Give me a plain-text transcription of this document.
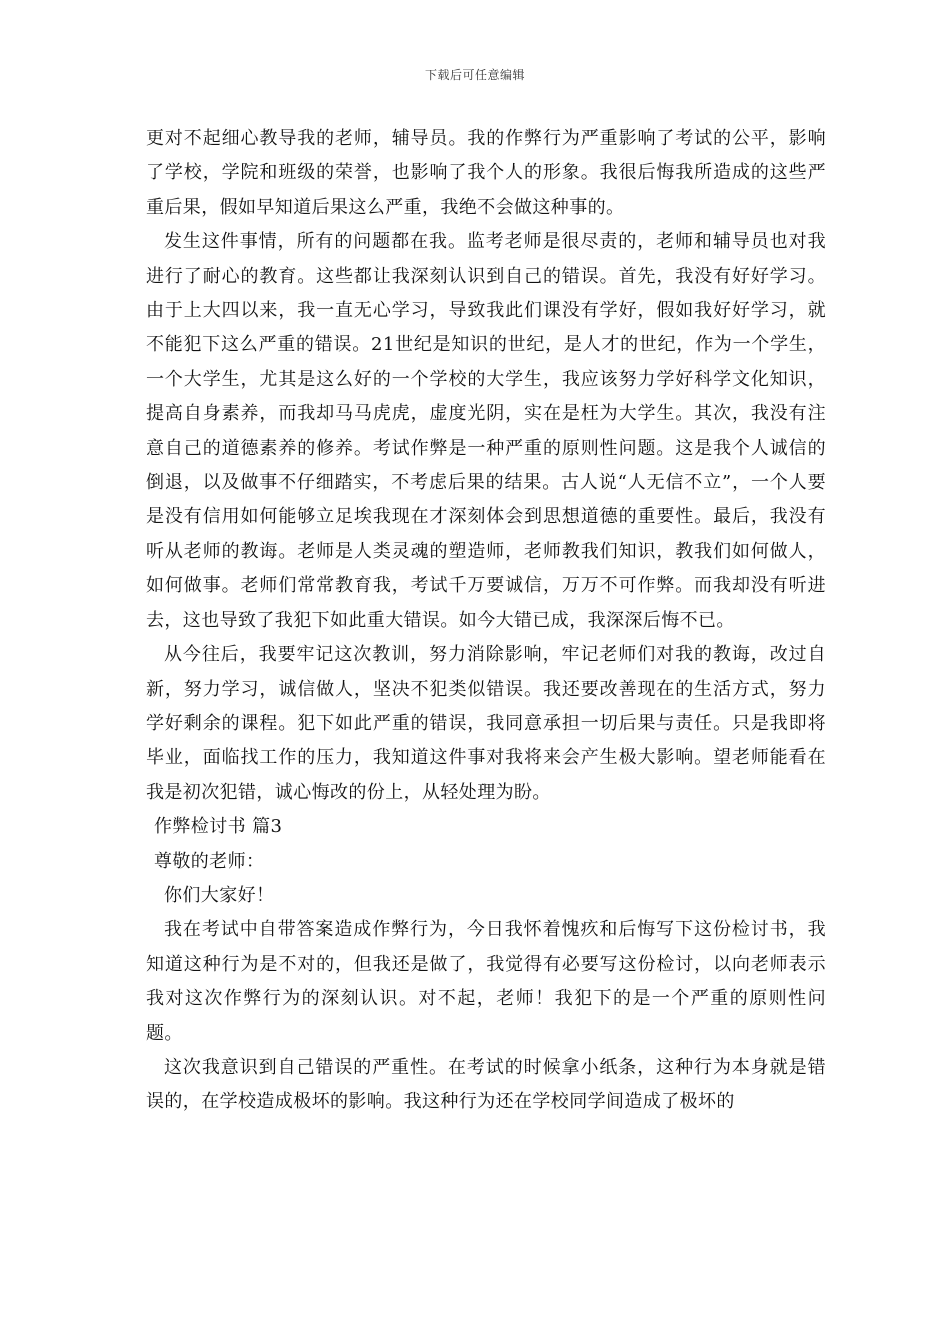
下载后可任意编辑

更对不起细心教导我的老师，辅导员。我的作弊行为严重影响了考试的公平，影响了学校，学院和班级的荣誉，也影响了我个人的形象。我很后悔我所造成的这些严重后果，假如早知道后果这么严重，我绝不会做这种事的。

发生这件事情，所有的问题都在我。监考老师是很尽责的，老师和辅导员也对我进行了耐心的教育。这些都让我深刻认识到自己的错误。首先，我没有好好学习。由于上大四以来，我一直无心学习，导致我此们课没有学好，假如我好好学习，就不能犯下这么严重的错误。21世纪是知识的世纪，是人才的世纪，作为一个学生，一个大学生，尤其是这么好的一个学校的大学生，我应该努力学好科学文化知识，提高自身素养，而我却马马虎虎，虚度光阴，实在是枉为大学生。其次，我没有注意自己的道德素养的修养。考试作弊是一种严重的原则性问题。这是我个人诚信的倒退，以及做事不仔细踏实，不考虑后果的结果。古人说“人无信不立”，一个人要是没有信用如何能够立足埃我现在才深刻体会到思想道德的重要性。最后，我没有听从老师的教诲。老师是人类灵魂的塑造师，老师教我们知识，教我们如何做人，如何做事。老师们常常教育我，考试千万要诚信，万万不可作弊。而我却没有听进去，这也导致了我犯下如此重大错误。如今大错已成，我深深后悔不已。

从今往后，我要牢记这次教训，努力消除影响，牢记老师们对我的教诲，改过自新，努力学习，诚信做人，坚决不犯类似错误。我还要改善现在的生活方式，努力学好剩余的课程。犯下如此严重的错误，我同意承担一切后果与责任。只是我即将毕业，面临找工作的压力，我知道这件事对我将来会产生极大影响。望老师能看在我是初次犯错，诚心悔改的份上，从轻处理为盼。

作弊检讨书 篇3

尊敬的老师：

你们大家好！

我在考试中自带答案造成作弊行为，今日我怀着愧疚和后悔写下这份检讨书，我知道这种行为是不对的，但我还是做了，我觉得有必要写这份检讨，以向老师表示我对这次作弊行为的深刻认识。对不起，老师！我犯下的是一个严重的原则性问题。

这次我意识到自己错误的严重性。在考试的时候拿小纸条，这种行为本身就是错误的，在学校造成极坏的影响。我这种行为还在学校同学间造成了极坏的
